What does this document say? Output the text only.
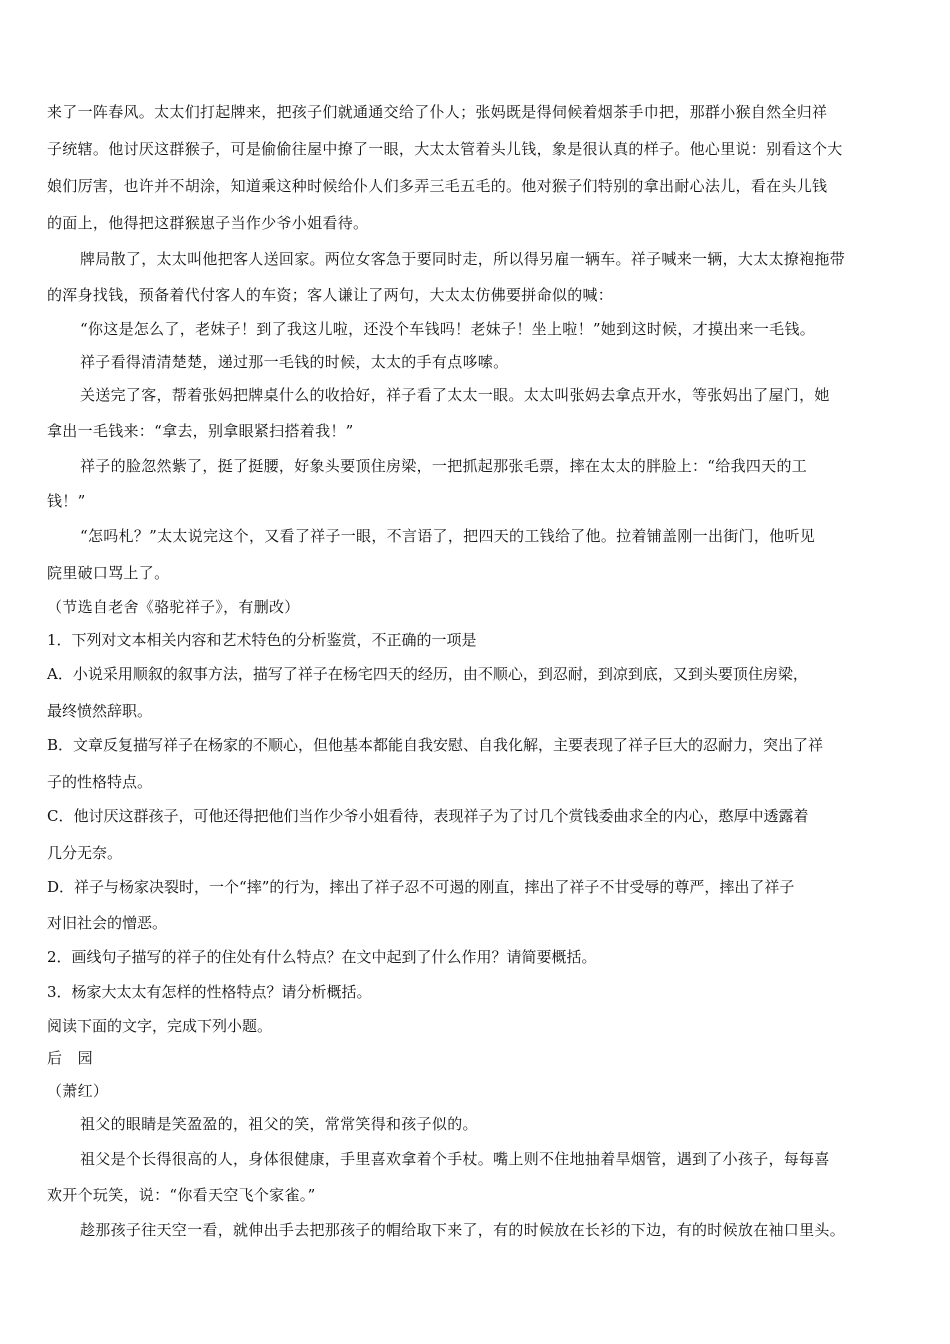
来了一阵春风。太太们打起牌来，把孩子们就通通交给了仆人；张妈既是得伺候着烟茶手巾把，那群小猴自然全归祥
子统辖。他讨厌这群猴子，可是偷偷往屋中撩了一眼，大太太管着头儿钱，象是很认真的样子。他心里说：别看这个大
娘们厉害，也许并不胡涂，知道乘这种时候给仆人们多弄三毛五毛的。他对猴子们特别的拿出耐心法儿，看在头儿钱
的面上，他得把这群猴崽子当作少爷小姐看待。
牌局散了，太太叫他把客人送回家。两位女客急于要同时走，所以得另雇一辆车。祥子喊来一辆，大太太撩袍拖带
的浑身找钱，预备着代付客人的车资；客人谦让了两句，大太太仿佛要拼命似的喊：
“你这是怎么了，老妹子！到了我这儿啦，还没个车钱吗！老妹子！坐上啦！”她到这时候，才摸出来一毛钱。
祥子看得清清楚楚，递过那一毛钱的时候，太太的手有点哆嗦。
关送完了客，帮着张妈把牌桌什么的收拾好，祥子看了太太一眼。太太叫张妈去拿点开水，等张妈出了屋门，她
拿出一毛钱来：“拿去，别拿眼紧扫搭着我！”
祥子的脸忽然紫了，挺了挺腰，好象头要顶住房梁，一把抓起那张毛票，摔在太太的胖脸上：“给我四天的工
钱！”
“怎吗札？”太太说完这个，又看了祥子一眼，不言语了，把四天的工钱给了他。拉着铺盖刚一出街门，他听见
院里破口骂上了。
（节选自老舍《骆驼祥子》，有删改）
1．下列对文本相关内容和艺术特色的分析鉴赏，不正确的一项是
A．小说采用顺叙的叙事方法，描写了祥子在杨宅四天的经历，由不顺心，到忍耐，到凉到底，又到头要顶住房梁，
最终愤然辞职。
B．文章反复描写祥子在杨家的不顺心，但他基本都能自我安慰、自我化解，主要表现了祥子巨大的忍耐力，突出了祥
子的性格特点。
C．他讨厌这群孩子，可他还得把他们当作少爷小姐看待，表现祥子为了讨几个赏钱委曲求全的内心，憨厚中透露着
几分无奈。
D．祥子与杨家决裂时，一个“摔”的行为，摔出了祥子忍不可遏的刚直，摔出了祥子不甘受辱的尊严，摔出了祥子
对旧社会的憎恶。
2．画线句子描写的祥子的住处有什么特点？在文中起到了什么作用？请简要概括。
3．杨家大太太有怎样的性格特点？请分析概括。
阅读下面的文字，完成下列小题。
后　园
（萧红）
祖父的眼睛是笑盈盈的，祖父的笑，常常笑得和孩子似的。
祖父是个长得很高的人，身体很健康，手里喜欢拿着个手杖。嘴上则不住地抽着旱烟管，遇到了小孩子，每每喜
欢开个玩笑，说：“你看天空飞个家雀。”
趁那孩子往天空一看，就伸出手去把那孩子的帽给取下来了，有的时候放在长衫的下边，有的时候放在袖口里头。
